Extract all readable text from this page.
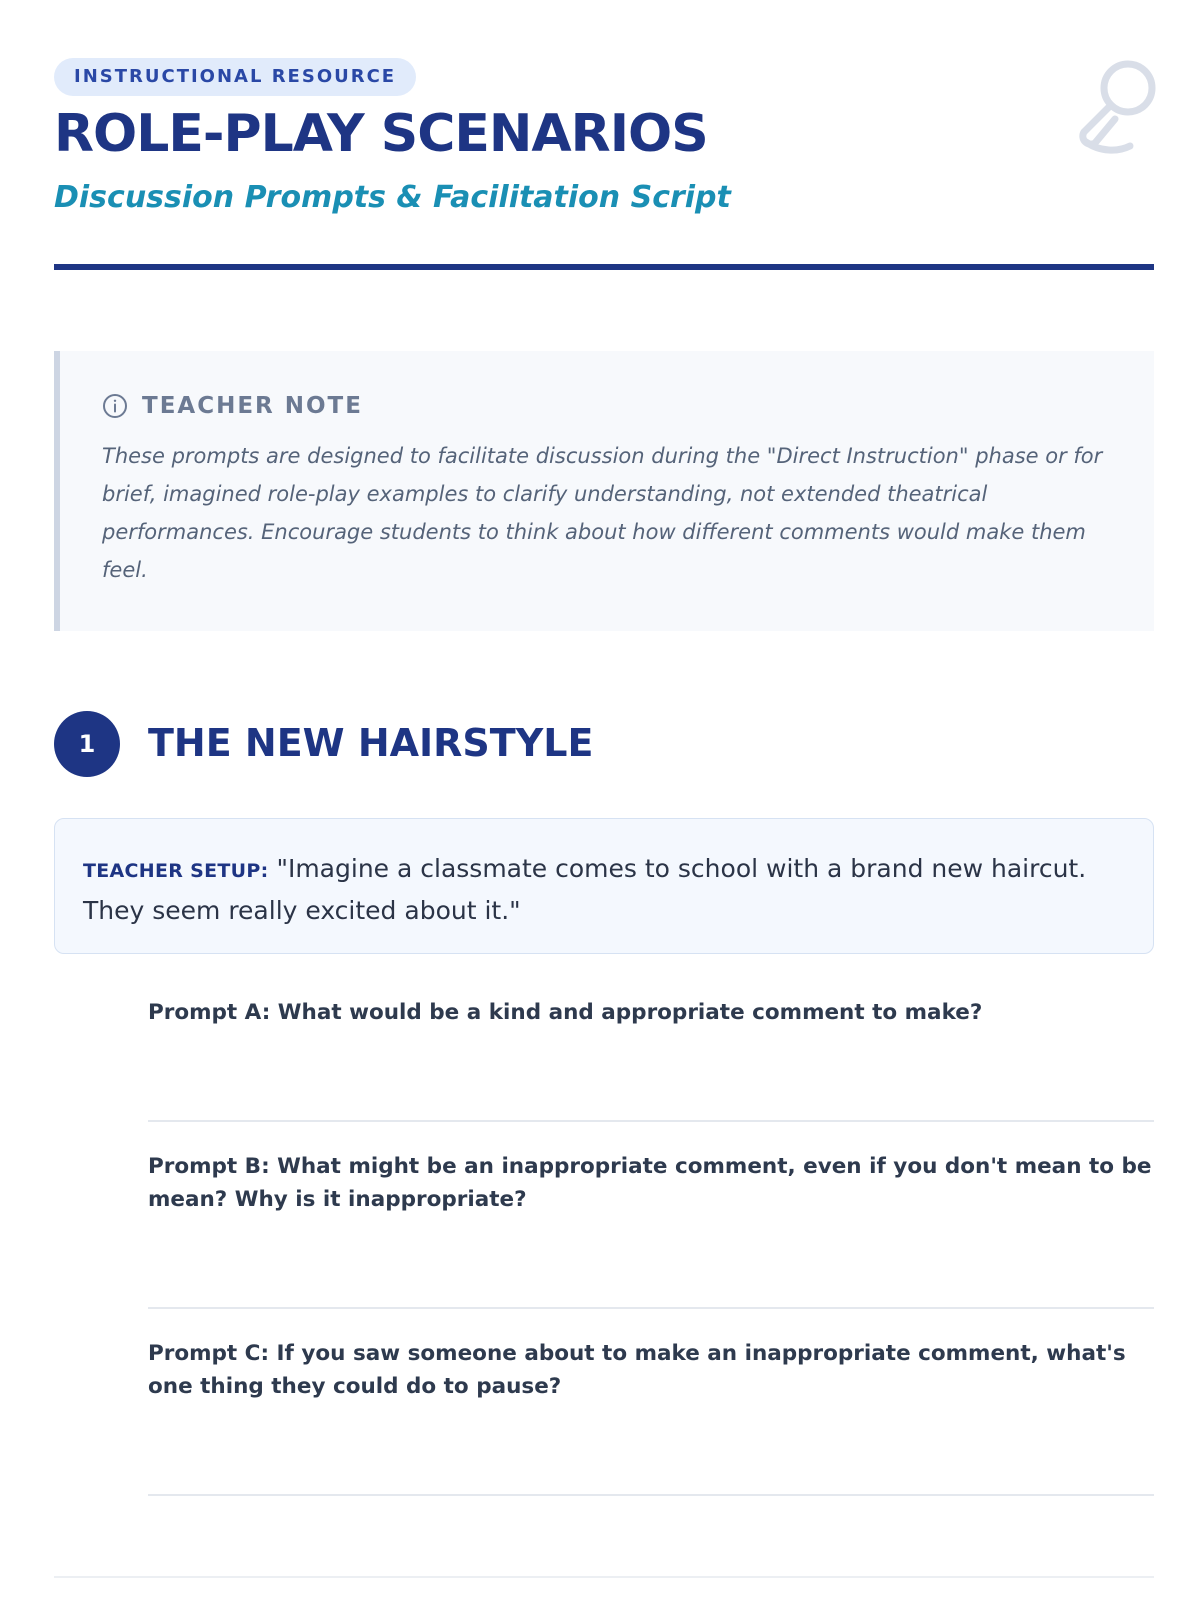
INSTRUCTIONAL RESOURCE
ROLE-PLAY SCENARIOS
Discussion Prompts & Facilitation Script
TEACHER NOTE
These prompts are designed to facilitate discussion during the "Direct Instruction" phase or for brief, imagined role-play examples to clarify understanding, not extended theatrical performances. Encourage students to think about how different comments would make them feel.
1	THE NEW HAIRSTYLE
TEACHER SETUP: "Imagine a classmate comes to school with a brand new haircut. They seem really excited about it."
Prompt A: What would be a kind and appropriate comment to make?
Prompt B: What might be an inappropriate comment, even if you don't mean to be mean? Why is it inappropriate?
Prompt C: If you saw someone about to make an inappropriate comment, what's one thing they could do to pause?
